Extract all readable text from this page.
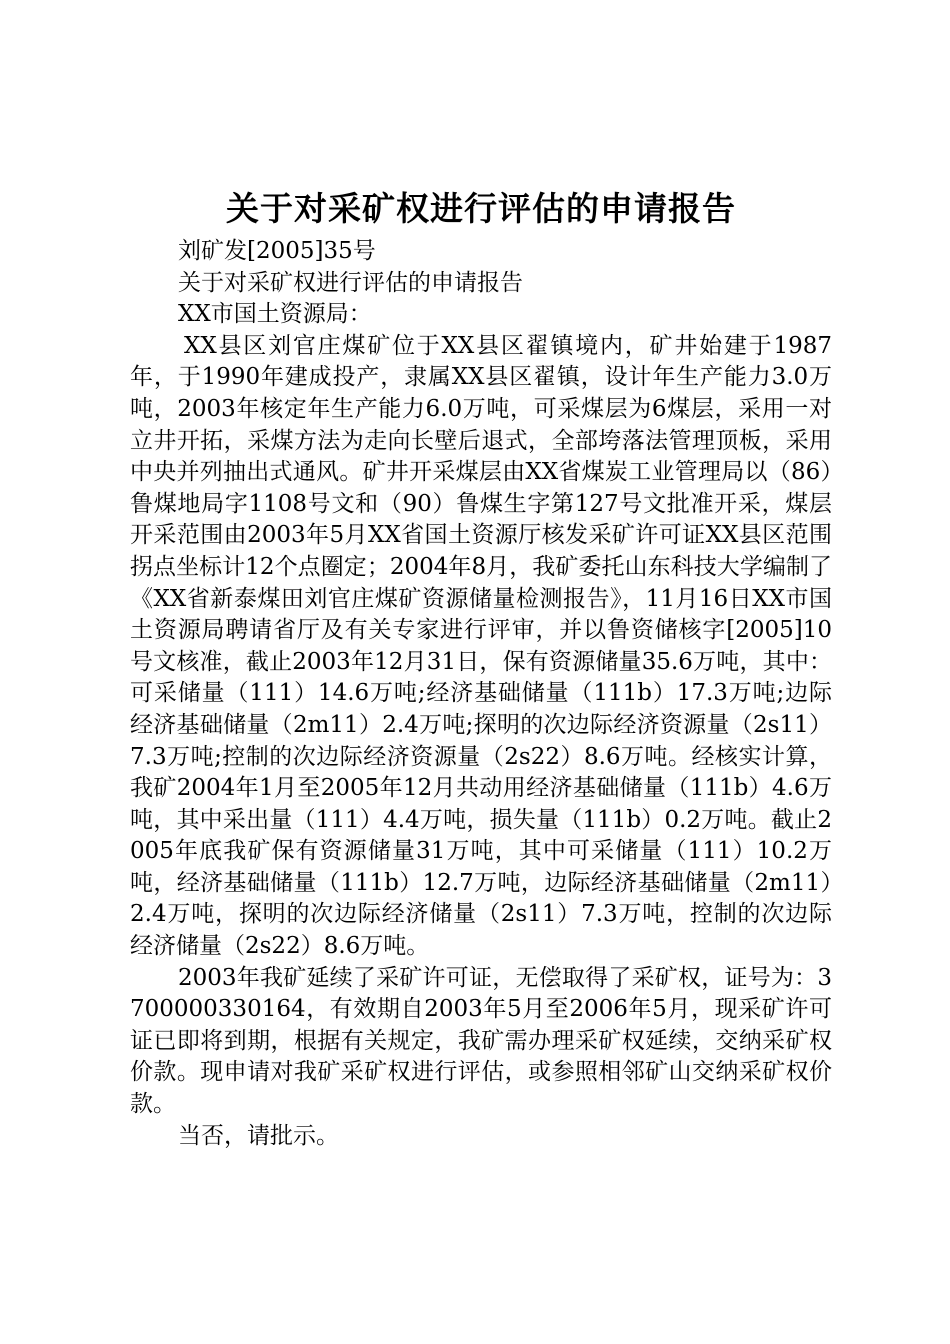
关于对采矿权进行评估的申请报告

刘矿发[2005]35号

关于对采矿权进行评估的申请报告

XX市国土资源局：

XX县区刘官庄煤矿位于XX县区翟镇境内，矿井始建于1987年，于1990年建成投产，隶属XX县区翟镇，设计年生产能力3.0万吨，2003年核定年生产能力6.0万吨，可采煤层为6煤层，采用一对立井开拓，采煤方法为走向长壁后退式，全部垮落法管理顶板，采用中央并列抽出式通风。矿井开采煤层由XX省煤炭工业管理局以（86）鲁煤地局字1108号文和（90）鲁煤生字第127号文批准开采，煤层开采范围由2003年5月XX省国土资源厅核发采矿许可证XX县区范围拐点坐标计12个点圈定；2004年8月，我矿委托山东科技大学编制了《XX省新泰煤田刘官庄煤矿资源储量检测报告》，11月16日XX市国土资源局聘请省厅及有关专家进行评审，并以鲁资储核字[2005]10号文核准，截止2003年12月31日，保有资源储量35.6万吨，其中：可采储量（111）14.6万吨;经济基础储量（111b）17.3万吨;边际经济基础储量（2m11）2.4万吨;探明的次边际经济资源量（2s11）7.3万吨;控制的次边际经济资源量（2s22）8.6万吨。经核实计算，我矿2004年1月至2005年12月共动用经济基础储量（111b）4.6万吨，其中采出量（111）4.4万吨，损失量（111b）0.2万吨。截止2005年底我矿保有资源储量31万吨，其中可采储量（111）10.2万吨，经济基础储量（111b）12.7万吨，边际经济基础储量（2m11）2.4万吨，探明的次边际经济储量（2s11）7.3万吨，控制的次边际经济储量（2s22）8.6万吨。

2003年我矿延续了采矿许可证，无偿取得了采矿权，证号为：3700000330164，有效期自2003年5月至2006年5月，现采矿许可证已即将到期，根据有关规定，我矿需办理采矿权延续，交纳采矿权价款。现申请对我矿采矿权进行评估，或参照相邻矿山交纳采矿权价款。

当否，请批示。
